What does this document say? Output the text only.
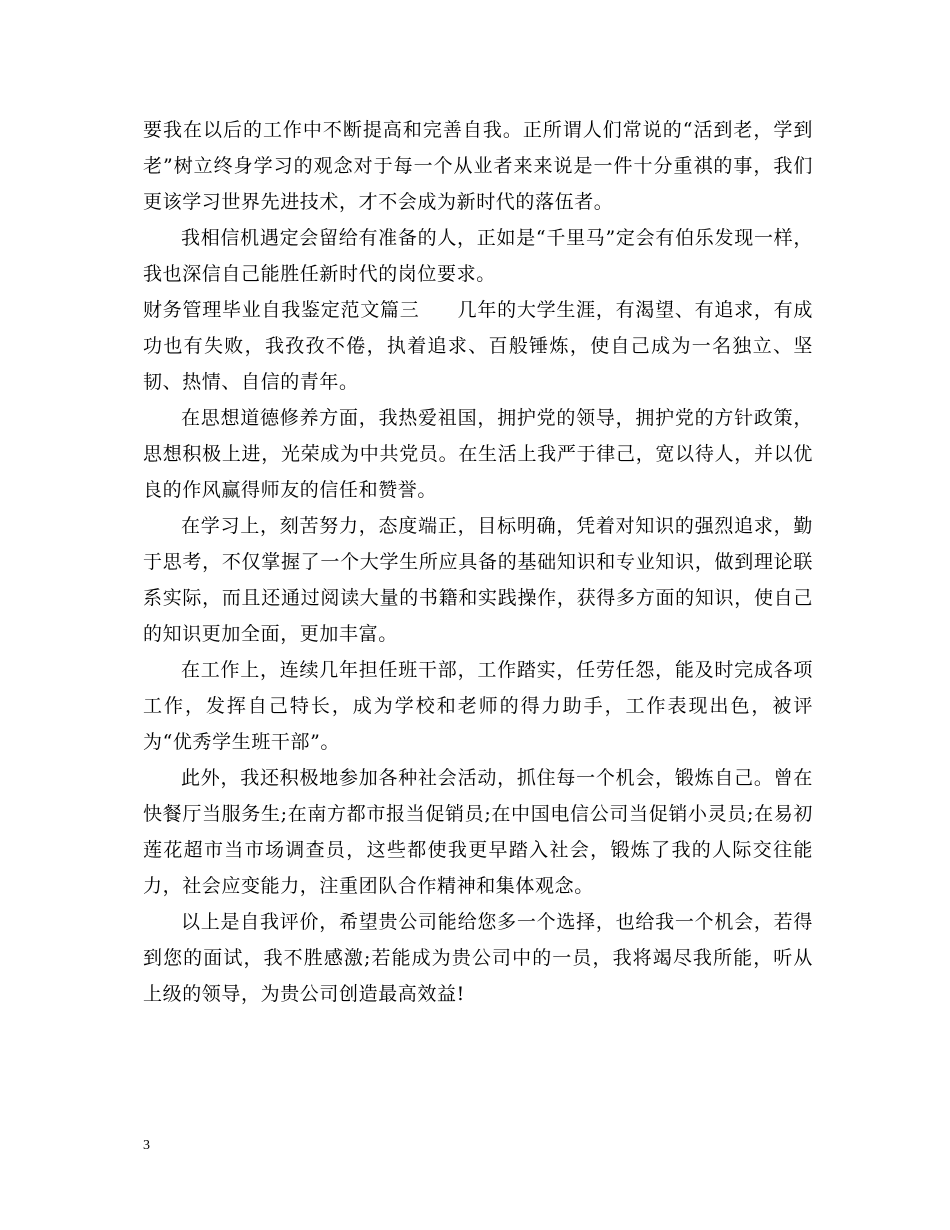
要我在以后的工作中不断提高和完善自我。正所谓人们常说的“活到老，学到老”树立终身学习的观念对于每一个从业者来来说是一件十分重祺的事，我们更该学习世界先进技术，才不会成为新时代的落伍者。

我相信机遇定会留给有准备的人，正如是“千里马”定会有伯乐发现一样，我也深信自己能胜任新时代的岗位要求。

财务管理毕业自我鉴定范文篇三 几年的大学生涯，有渴望、有追求，有成功也有失败，我孜孜不倦，执着追求、百般锤炼，使自己成为一名独立、坚韧、热情、自信的青年。

在思想道德修养方面，我热爱祖国，拥护党的领导，拥护党的方针政策，思想积极上进，光荣成为中共党员。在生活上我严于律己，宽以待人，并以优良的作风赢得师友的信任和赞誉。

在学习上，刻苦努力，态度端正，目标明确，凭着对知识的强烈追求，勤于思考，不仅掌握了一个大学生所应具备的基础知识和专业知识，做到理论联系实际，而且还通过阅读大量的书籍和实践操作，获得多方面的知识，使自己的知识更加全面，更加丰富。

在工作上，连续几年担任班干部，工作踏实，任劳任怨，能及时完成各项工作，发挥自己特长，成为学校和老师的得力助手，工作表现出色，被评为“优秀学生班干部”。

此外，我还积极地参加各种社会活动，抓住每一个机会，锻炼自己。曾在快餐厅当服务生;在南方都市报当促销员;在中国电信公司当促销小灵员;在易初莲花超市当市场调查员，这些都使我更早踏入社会，锻炼了我的人际交往能力，社会应变能力，注重团队合作精神和集体观念。

以上是自我评价，希望贵公司能给您多一个选择，也给我一个机会，若得到您的面试，我不胜感激;若能成为贵公司中的一员，我将竭尽我所能，听从上级的领导，为贵公司创造最高效益!

3
